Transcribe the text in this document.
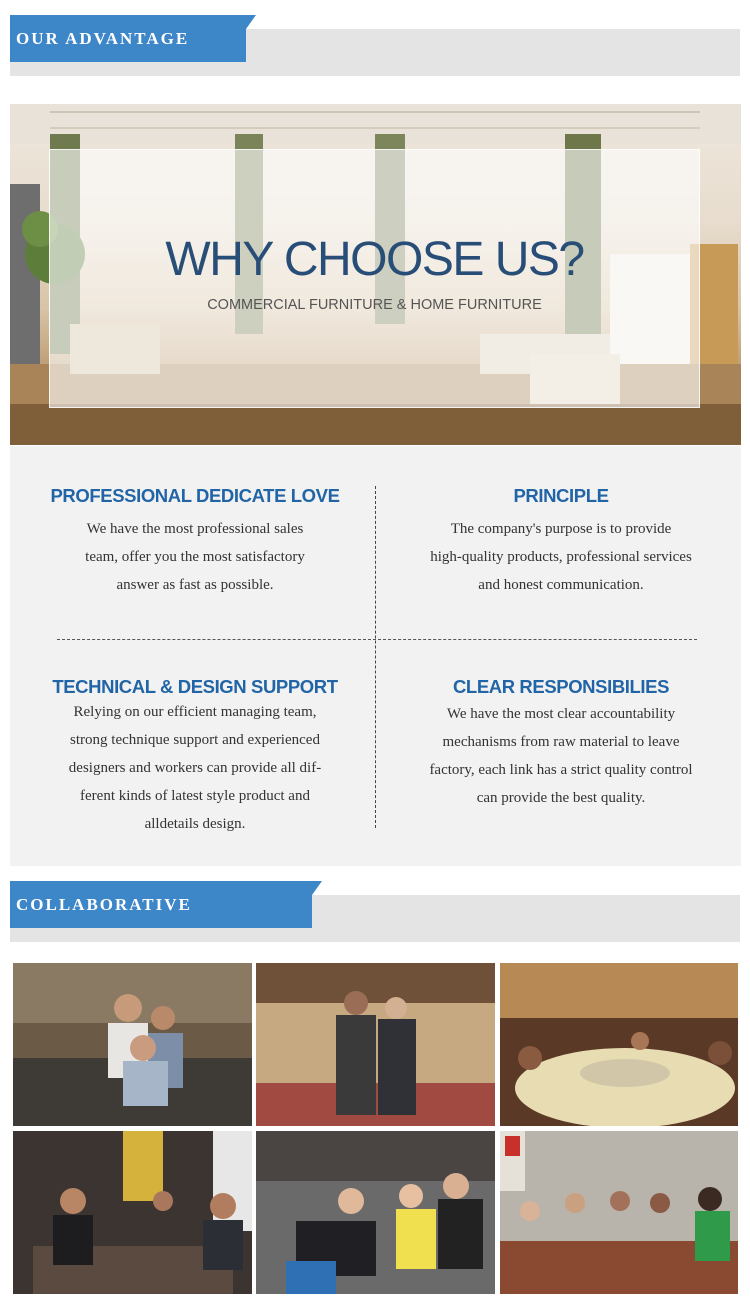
OUR ADVANTAGE
WHY CHOOSE US?
COMMERCIAL FURNITURE & HOME FURNITURE
PROFESSIONAL DEDICATE LOVE

We have the most professional sales
team, offer you the most satisfactory
answer as fast as possible.

PRINCIPLE

The company's purpose is to provide
high-quality products, professional services
and honest communication.

TECHNICAL & DESIGN SUPPORT

Relying on our efficient managing team,
strong technique support and experienced
designers and workers can provide all dif-
ferent kinds of latest style product and
alldetails design.

CLEAR RESPONSIBILIES

We have the most clear accountability
mechanisms from raw material to leave
factory, each link has a strict quality control
can provide the best quality.

COLLABORATIVE CUSTOMERS
